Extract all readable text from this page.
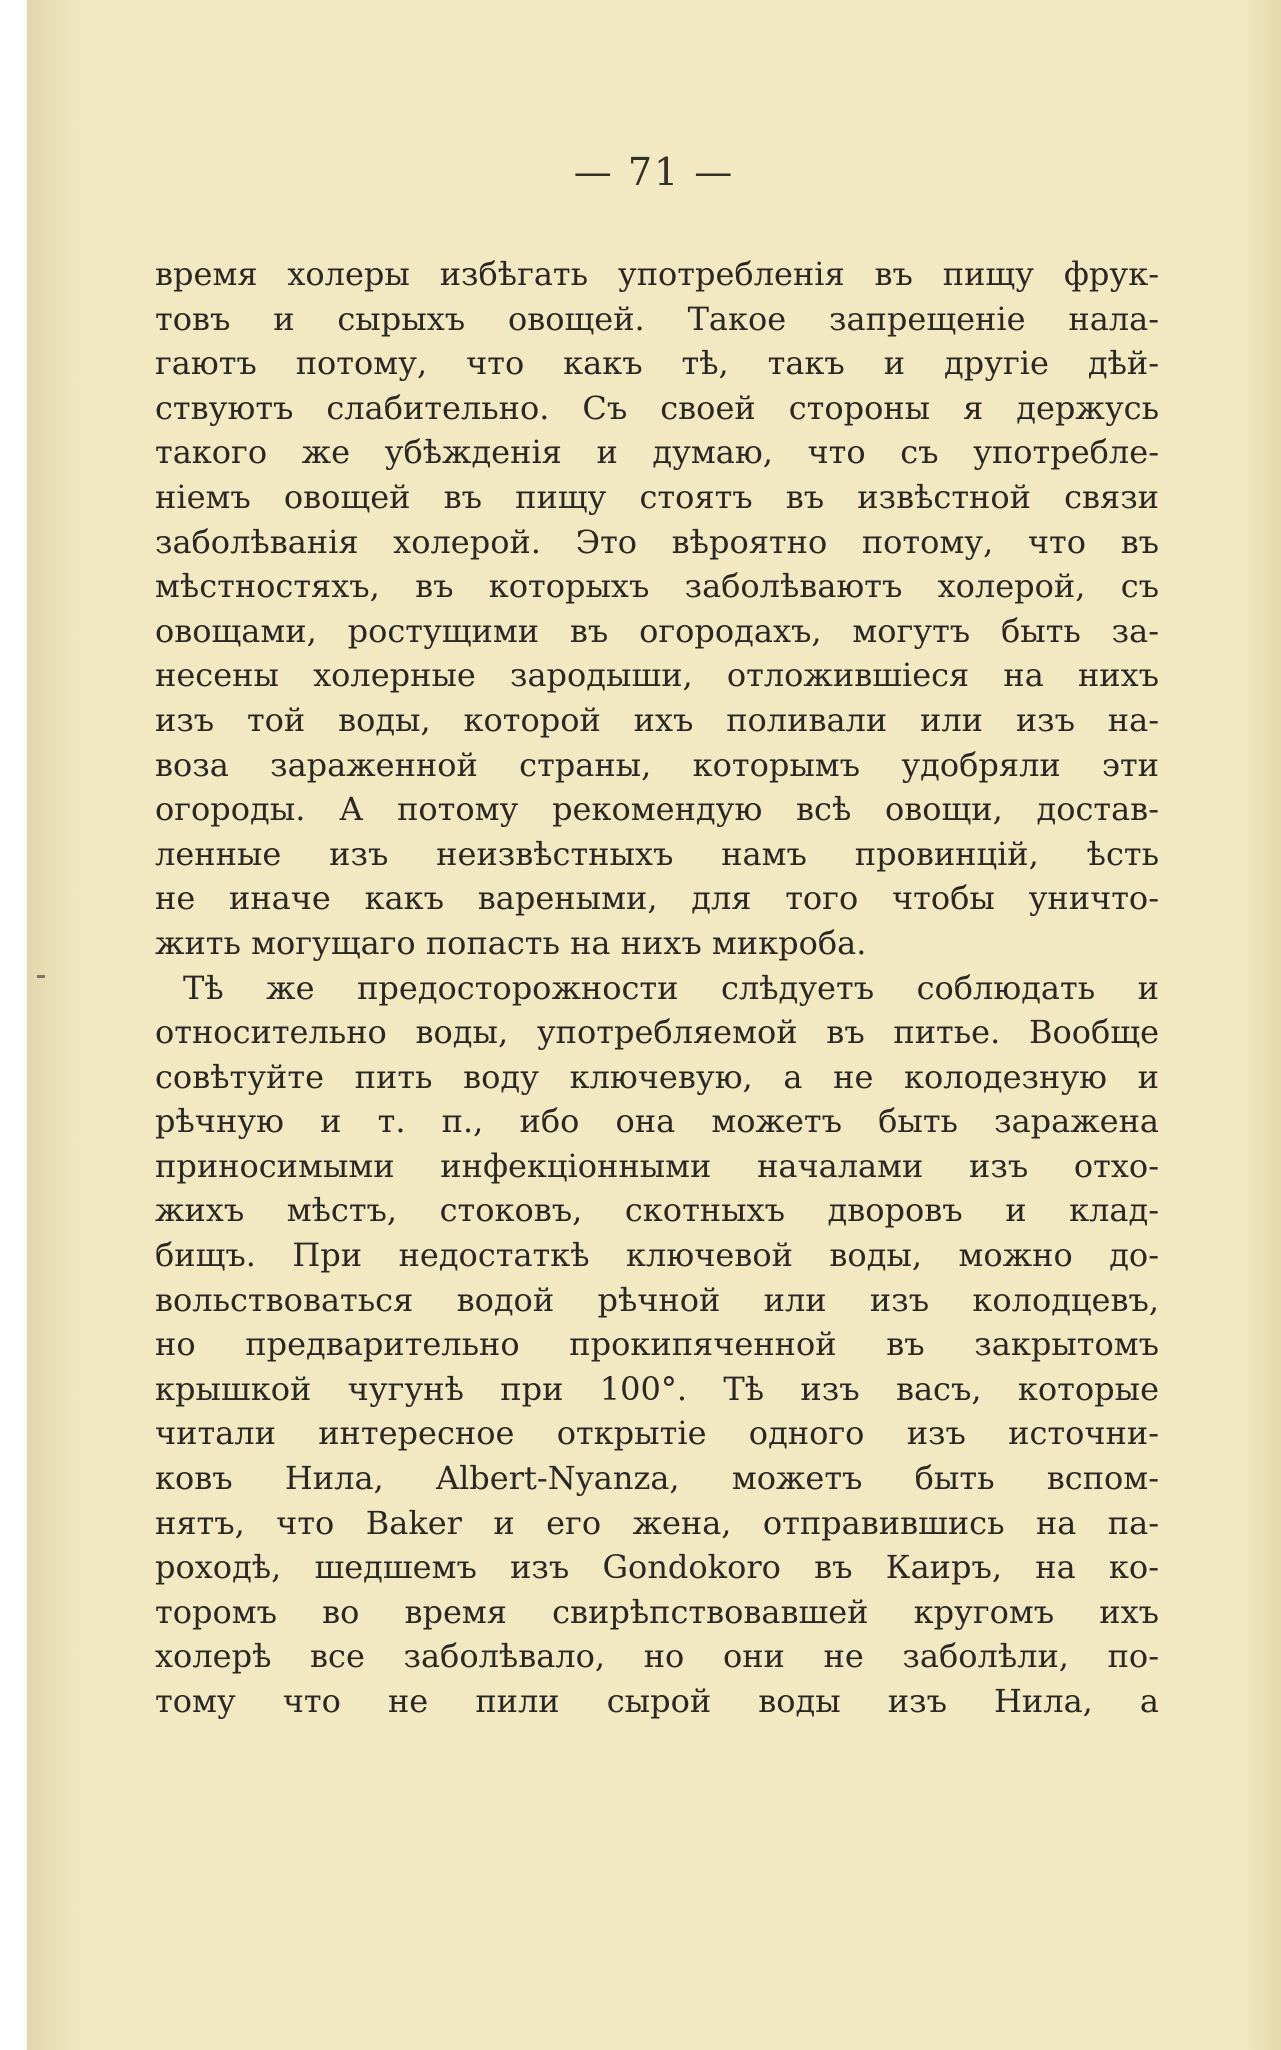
— 71 —
время холеры избѣгать употребленія въ пищу фрук-
товъ и сырыхъ овощей. Такое запрещеніе нала-
гаютъ потому, что какъ тѣ, такъ и другіе дѣй-
ствуютъ слабительно. Съ своей стороны я держусь
такого же убѣжденія и думаю, что съ употребле-
ніемъ овощей въ пищу стоятъ въ извѣстной связи
заболѣванія холерой. Это вѣроятно потому, что въ
мѣстностяхъ, въ которыхъ заболѣваютъ холерой, съ
овощами, ростущими въ огородахъ, могутъ быть за-
несены холерные зародыши, отложившіеся на нихъ
изъ той воды, которой ихъ поливали или изъ на-
воза зараженной страны, которымъ удобряли эти
огороды. А потому рекомендую всѣ овощи, достав-
ленные изъ неизвѣстныхъ намъ провинцій, ѣсть
не иначе какъ вареными, для того чтобы уничто-
жить могущаго попасть на нихъ микроба.
Тѣ же предосторожности слѣдуетъ соблюдать и
относительно воды, употребляемой въ питье. Вообще
совѣтуйте пить воду ключевую, а не колодезную и
рѣчную и т. п., ибо она можетъ быть заражена
приносимыми инфекціонными началами изъ отхо-
жихъ мѣстъ, стоковъ, скотныхъ дворовъ и клад-
бищъ. При недостаткѣ ключевой воды, можно до-
вольствоваться водой рѣчной или изъ колодцевъ,
но предварительно прокипяченной въ закрытомъ
крышкой чугунѣ при 100°. Тѣ изъ васъ, которые
читали интересное открытіе одного изъ источни-
ковъ Нила, Albert-Nyanza, можетъ быть вспом-
нятъ, что Baker и его жена, отправившись на па-
роходѣ, шедшемъ изъ Gondokoro въ Каиръ, на ко-
торомъ во время свирѣпствовавшей кругомъ ихъ
холерѣ все заболѣвало, но они не заболѣли, по-
тому что не пили сырой воды изъ Нила, а
